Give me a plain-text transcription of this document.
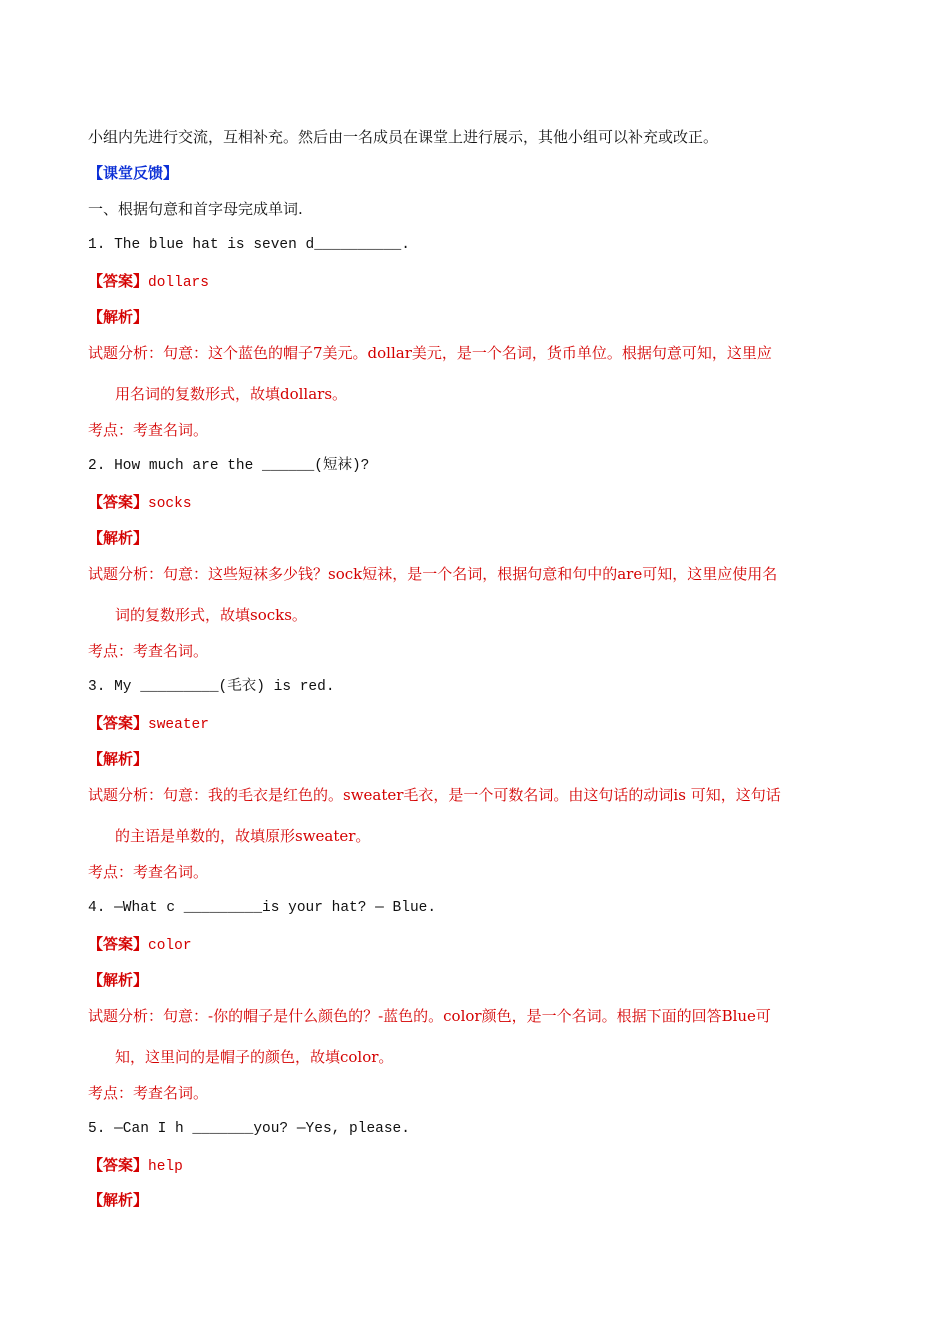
小组内先进行交流，互相补充。然后由一名成员在课堂上进行展示，其他小组可以补充或改正。
【课堂反馈】
一、根据句意和首字母完成单词.
1. The blue hat is seven d__________.
【答案】dollars
【解析】
试题分析：句意：这个蓝色的帽子7美元。dollar美元，是一个名词，货币单位。根据句意可知，这里应
用名词的复数形式，故填dollars。
考点：考查名词。
2. How much are the ______(短袜)?
【答案】socks
【解析】
试题分析：句意：这些短袜多少钱？sock短袜，是一个名词，根据句意和句中的are可知，这里应使用名
词的复数形式，故填socks。
考点：考查名词。
3. My _________(毛衣) is red.
【答案】sweater
【解析】
试题分析：句意：我的毛衣是红色的。sweater毛衣，是一个可数名词。由这句话的动词is 可知，这句话
的主语是单数的，故填原形sweater。
考点：考查名词。
4. —What c _________is your hat? — Blue.
【答案】color
【解析】
试题分析：句意：-你的帽子是什么颜色的？-蓝色的。color颜色，是一个名词。根据下面的回答Blue可
知，这里问的是帽子的颜色，故填color。
考点：考查名词。
5. —Can I h _______you? —Yes, please.
【答案】help
【解析】
